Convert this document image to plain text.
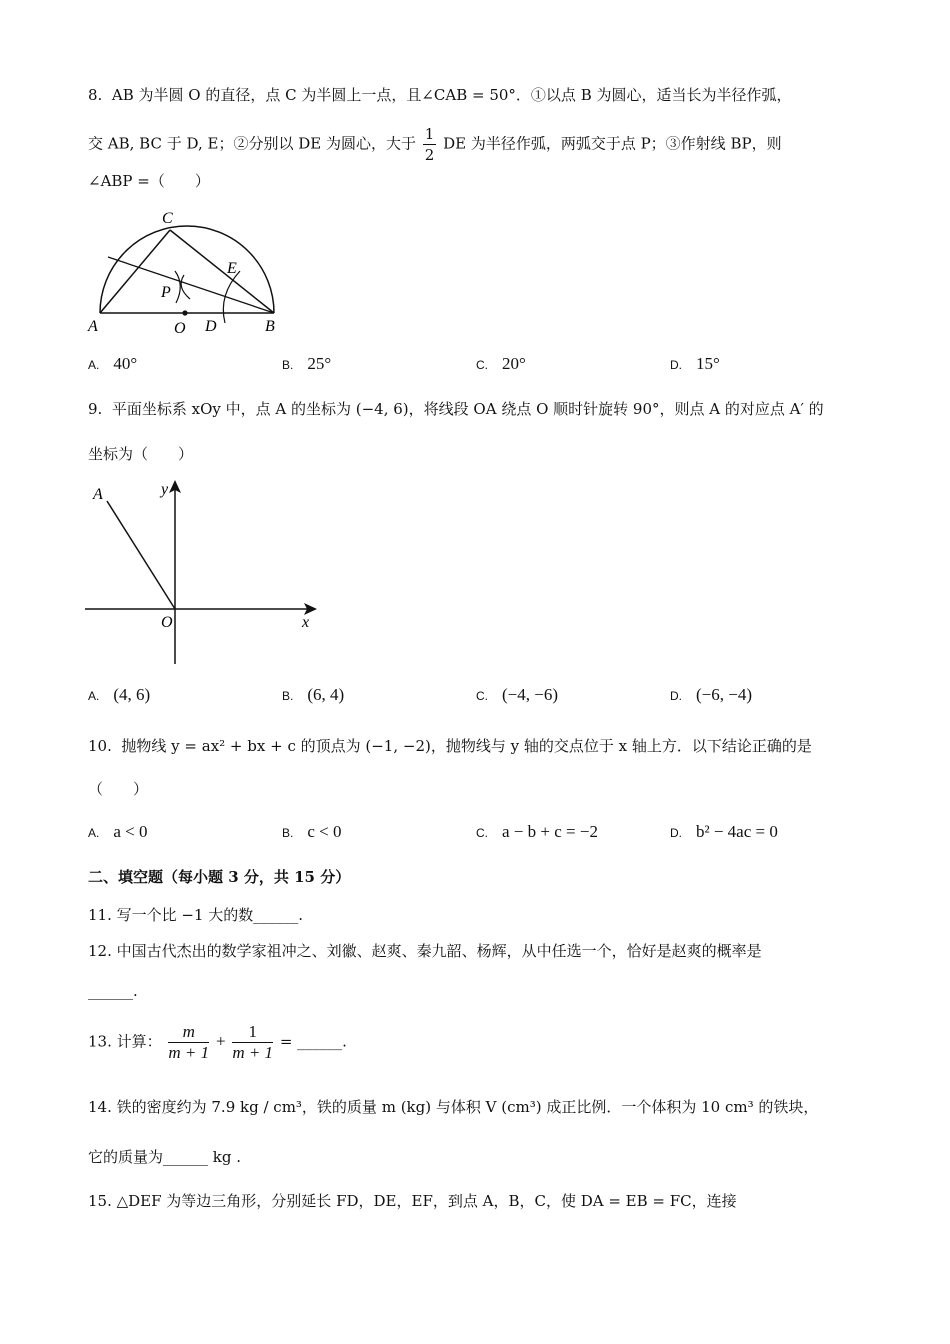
8. AB 为半圆 O 的直径，点 C 为半圆上一点，且∠CAB = 50°．①以点 B 为圆心，适当长为半径作弧，
交 AB, BC 于 D, E；②分别以 DE 为圆心，大于 $\frac{1}{2}$ DE 为半径作弧，两弧交于点 P；③作射线 BP，则
∠ABP =（　　）
C
A	B
O D
E
P
A. 40°	B. 25°	C. 20°	D. 15°
9. 平面坐标系 xOy 中，点 A 的坐标为 (−4, 6)，将线段 OA 绕点 O 顺时针旋转 90°，则点 A 的对应点 A′ 的
坐标为（　　）
A	y
O	x
A. (4, 6)	B. (6, 4)	C. (−4, −6)	D. (−6, −4)
10. 抛物线 y = ax² + bx + c 的顶点为 (−1, −2)，抛物线与 y 轴的交点位于 x 轴上方．以下结论正确的是
（　　）
A. a < 0	B. c < 0	C. a − b + c = −2	D. b² − 4ac = 0
二、填空题（每小题 3 分，共 15 分）
11. 写一个比 −1 大的数______.
12. 中国古代杰出的数学家祖冲之、刘徽、赵爽、秦九韶、杨辉，从中任选一个，恰好是赵爽的概率是
______.
13. 计算： $\frac{m}{m + 1} + \frac{1}{m + 1}$ = ______.
14. 铁的密度约为 7.9 kg / cm³，铁的质量 m (kg) 与体积 V (cm³) 成正比例．一个体积为 10 cm³ 的铁块，
它的质量为______ kg .
15. △DEF 为等边三角形，分别延长 FD，DE，EF，到点 A，B，C，使 DA = EB = FC，连接
